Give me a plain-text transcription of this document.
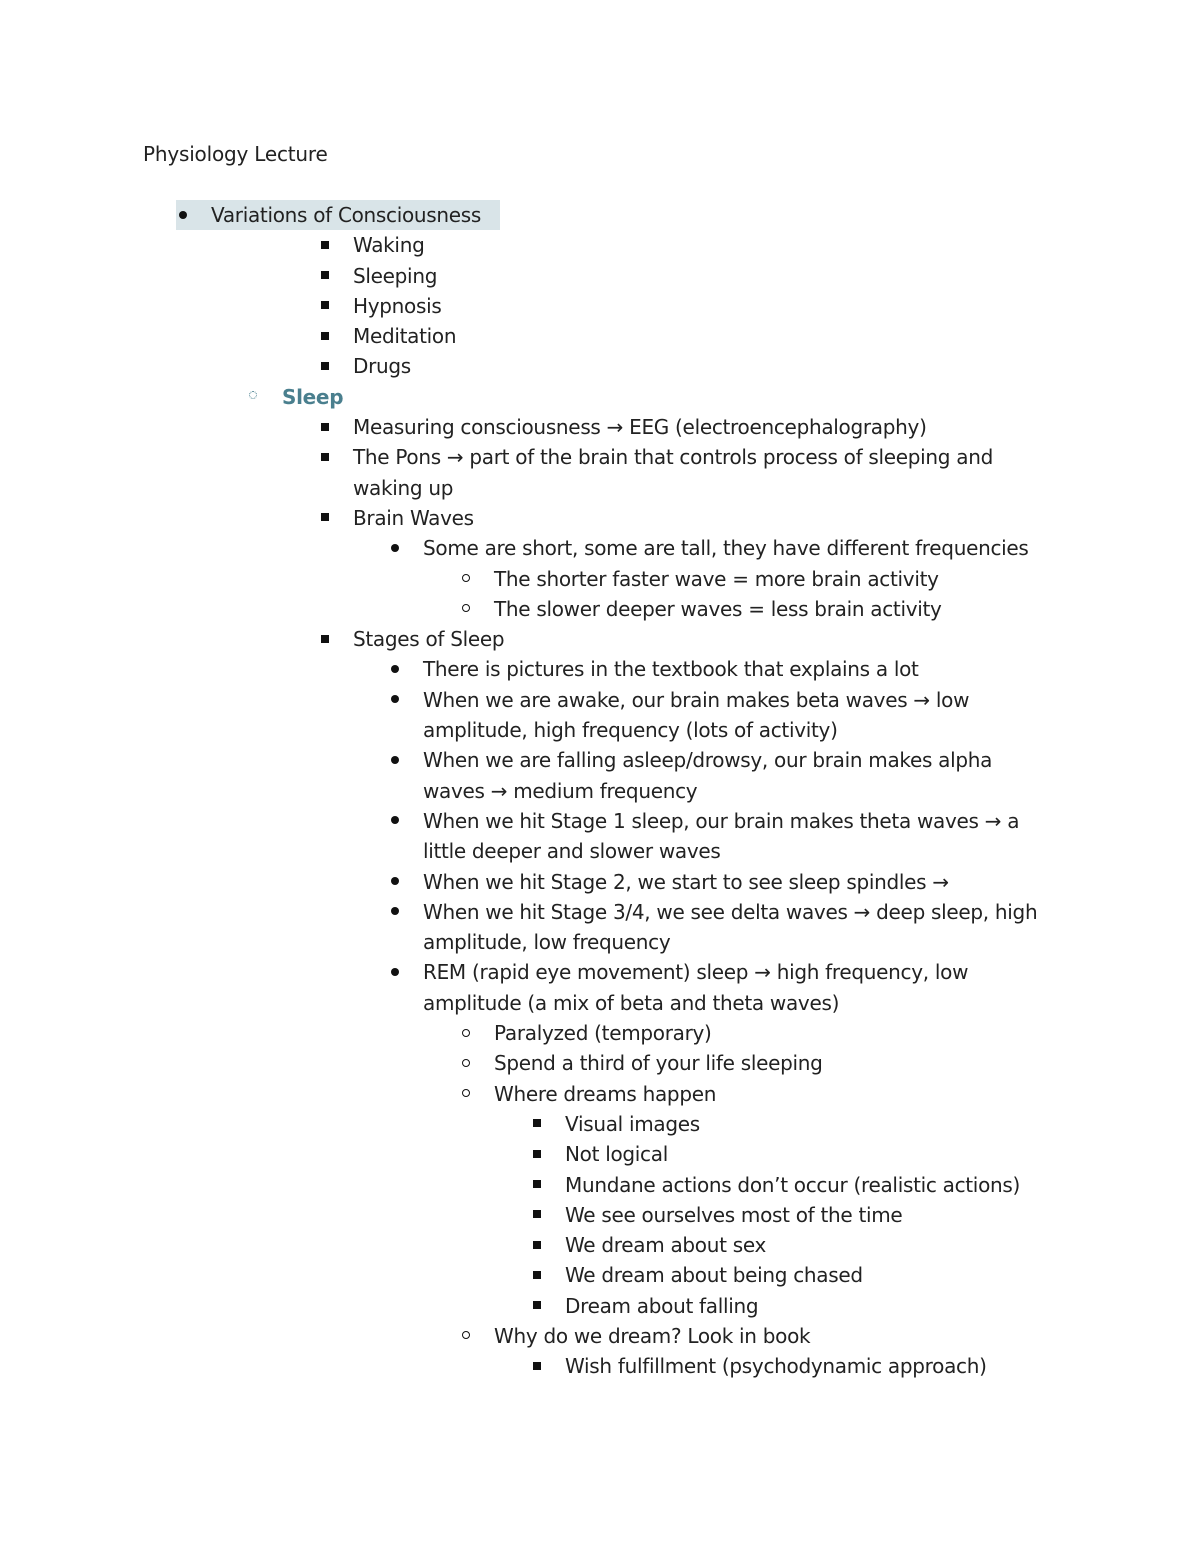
Physiology Lecture
Variations of Consciousness
Waking
Sleeping
Hypnosis
Meditation
Drugs
Sleep
Measuring consciousness → EEG (electroencephalography)
The Pons → part of the brain that controls process of sleeping and waking up
Brain Waves
Some are short, some are tall, they have different frequencies
The shorter faster wave = more brain activity
The slower deeper waves = less brain activity
Stages of Sleep
There is pictures in the textbook that explains a lot
When we are awake, our brain makes beta waves → low amplitude, high frequency (lots of activity)
When we are falling asleep/drowsy, our brain makes alpha waves → medium frequency
When we hit Stage 1 sleep, our brain makes theta waves → a little deeper and slower waves
When we hit Stage 2, we start to see sleep spindles →
When we hit Stage 3/4, we see delta waves → deep sleep, high amplitude, low frequency
REM (rapid eye movement) sleep → high frequency, low amplitude (a mix of beta and theta waves)
Paralyzed (temporary)
Spend a third of your life sleeping
Where dreams happen
Visual images
Not logical
Mundane actions don’t occur (realistic actions)
We see ourselves most of the time
We dream about sex
We dream about being chased
Dream about falling
Why do we dream? Look in book
Wish fulfillment (psychodynamic approach)
